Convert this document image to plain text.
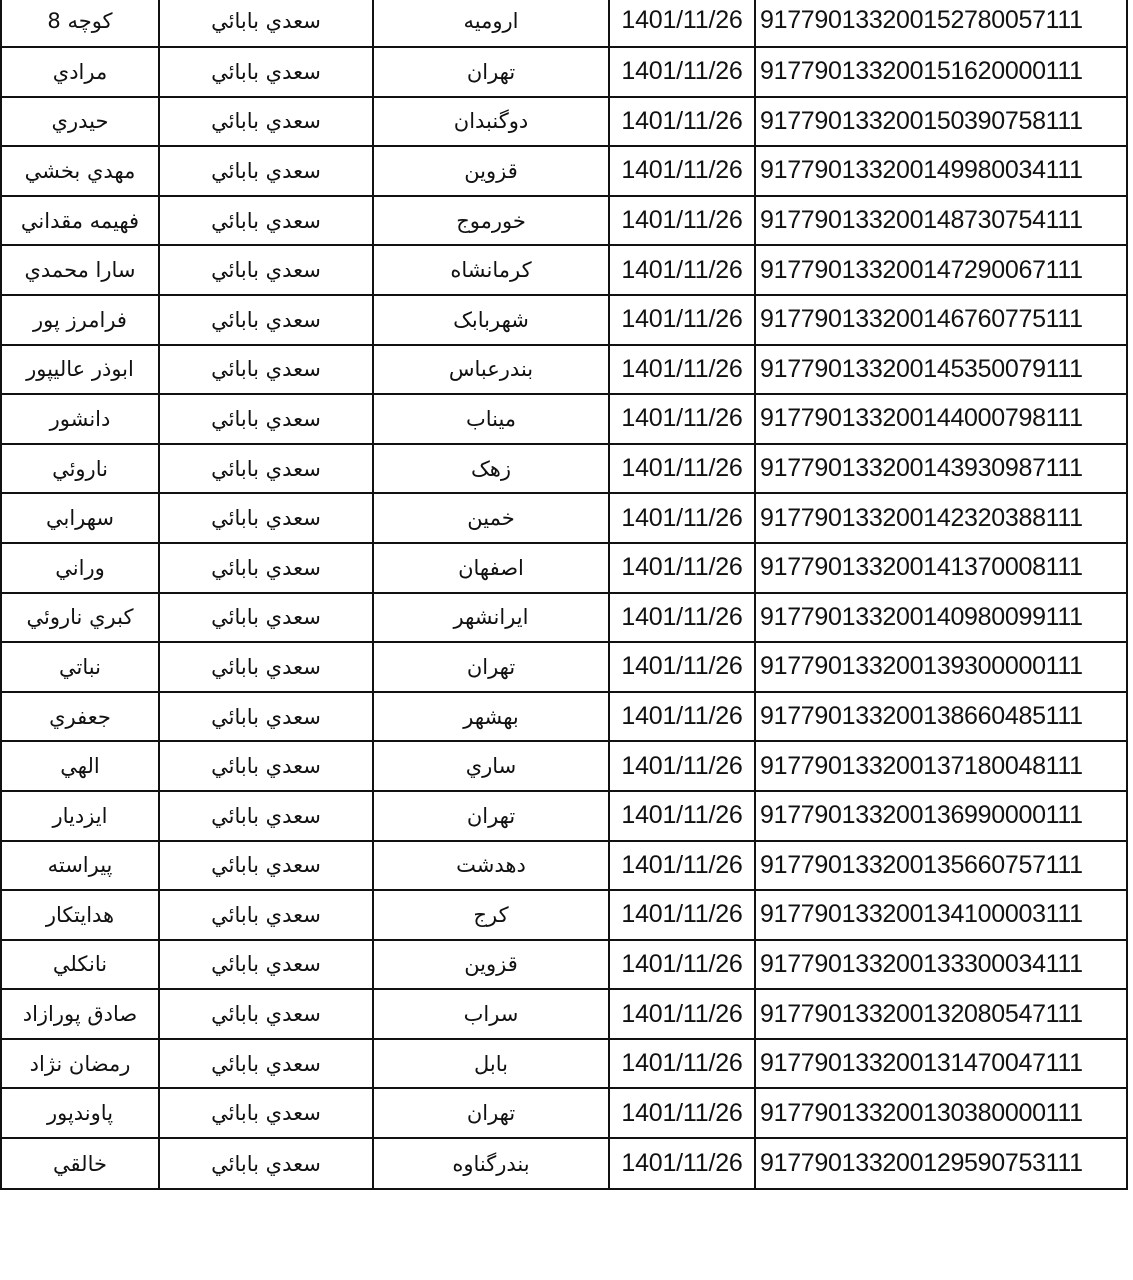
کوچه 8	سعدي بابائي	اروميه	1401/11/26	917790133200152780057111
مرادي	سعدي بابائي	تهران	1401/11/26	917790133200151620000111
حيدري	سعدي بابائي	دوگنبدان	1401/11/26	917790133200150390758111
مهدي بخشي	سعدي بابائي	قزوين	1401/11/26	917790133200149980034111
فهيمه مقداني	سعدي بابائي	خورموج	1401/11/26	917790133200148730754111
سارا محمدي	سعدي بابائي	کرمانشاه	1401/11/26	917790133200147290067111
فرامرز پور	سعدي بابائي	شهربابک	1401/11/26	917790133200146760775111
ابوذر عاليپور	سعدي بابائي	بندرعباس	1401/11/26	917790133200145350079111
دانشور	سعدي بابائي	ميناب	1401/11/26	917790133200144000798111
ناروئي	سعدي بابائي	زهک	1401/11/26	917790133200143930987111
سهرابي	سعدي بابائي	خمين	1401/11/26	917790133200142320388111
وراني	سعدي بابائي	اصفهان	1401/11/26	917790133200141370008111
کبري ناروئي	سعدي بابائي	ايرانشهر	1401/11/26	917790133200140980099111
نباتي	سعدي بابائي	تهران	1401/11/26	917790133200139300000111
جعفري	سعدي بابائي	بهشهر	1401/11/26	917790133200138660485111
الهي	سعدي بابائي	ساري	1401/11/26	917790133200137180048111
ايزديار	سعدي بابائي	تهران	1401/11/26	917790133200136990000111
پيراسته	سعدي بابائي	دهدشت	1401/11/26	917790133200135660757111
هدايتکار	سعدي بابائي	کرج	1401/11/26	917790133200134100003111
نانکلي	سعدي بابائي	قزوين	1401/11/26	917790133200133300034111
صادق پورازاد	سعدي بابائي	سراب	1401/11/26	917790133200132080547111
رمضان نژاد	سعدي بابائي	بابل	1401/11/26	917790133200131470047111
پاوندپور	سعدي بابائي	تهران	1401/11/26	917790133200130380000111
خالقي	سعدي بابائي	بندرگناوه	1401/11/26	917790133200129590753111
